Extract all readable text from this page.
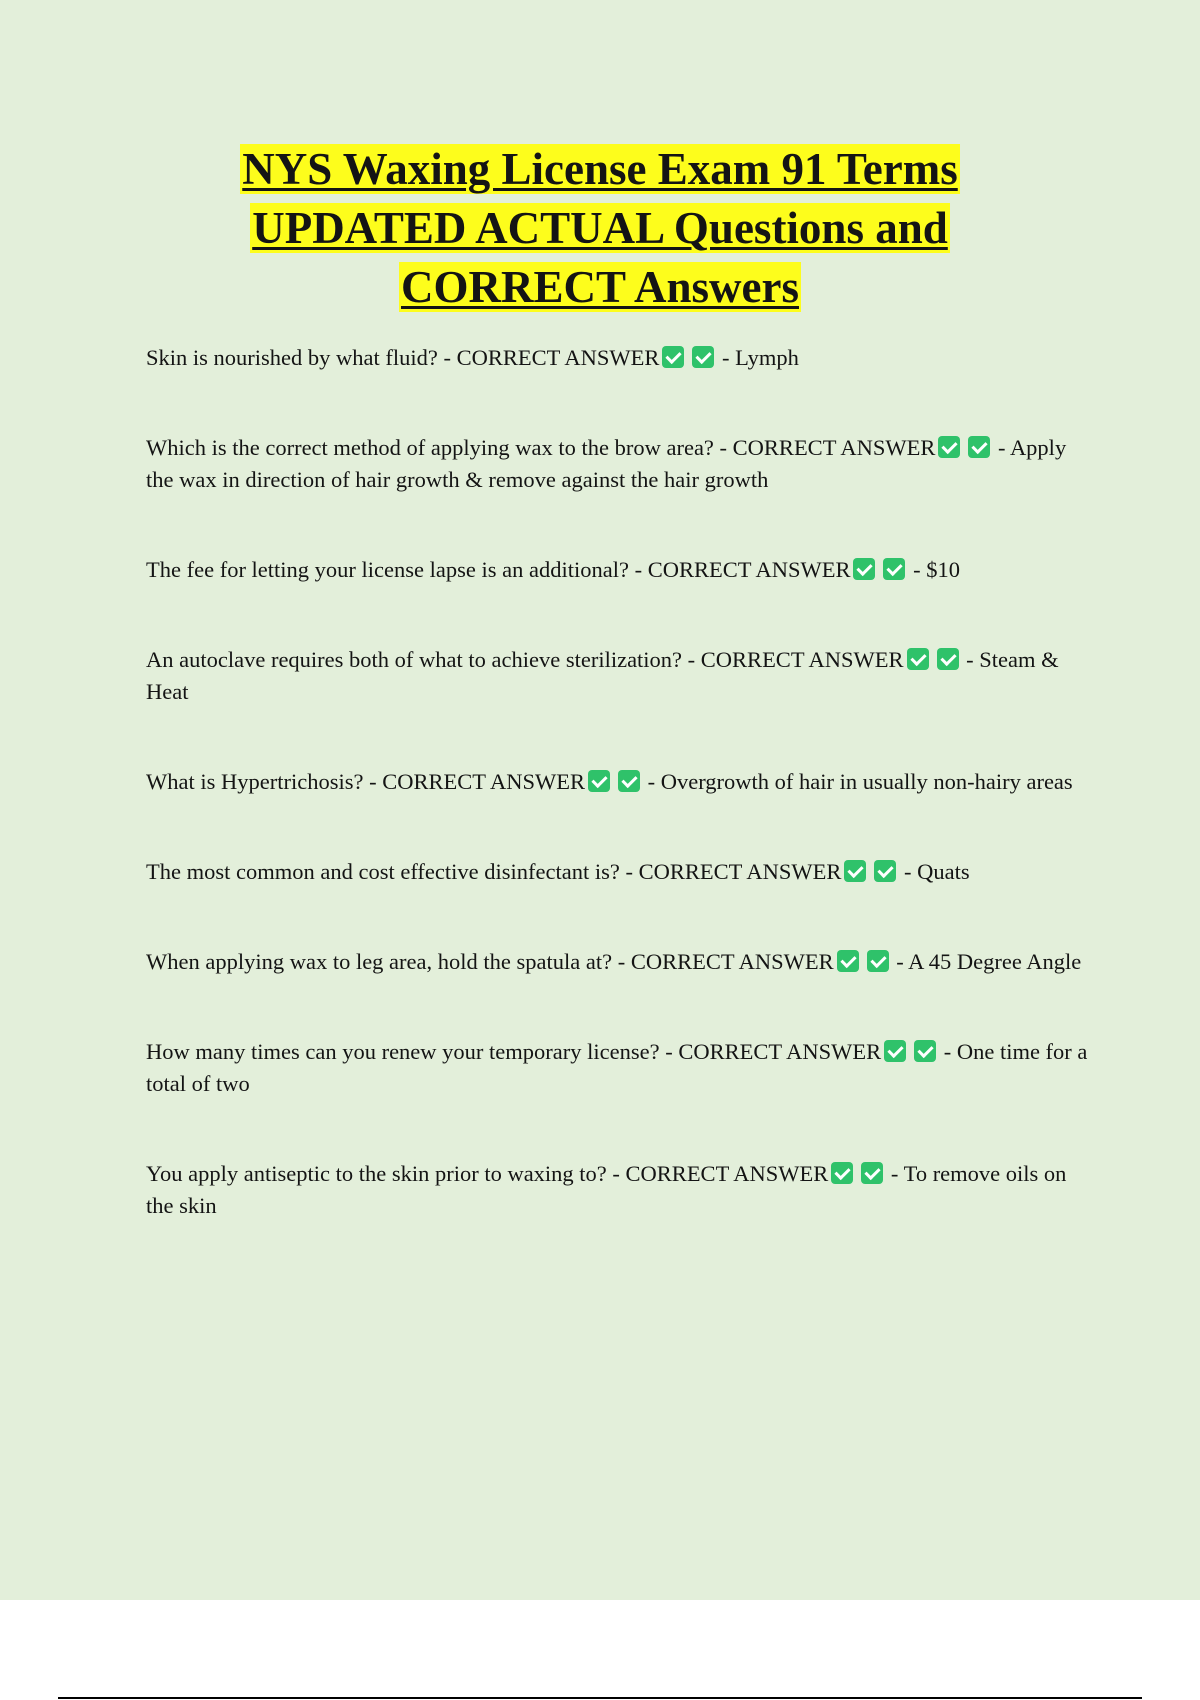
NYS Waxing License Exam 91 Terms
UPDATED ACTUAL Questions and
CORRECT Answers

Skin is nourished by what fluid? - CORRECT ANSWER	- Lymph

Which is the correct method of applying wax to the brow area? - CORRECT ANSWER	- Apply the wax in direction of hair growth & remove against the hair growth

The fee for letting your license lapse is an additional? - CORRECT ANSWER	- $10

An autoclave requires both of what to achieve sterilization? - CORRECT ANSWER	- Steam & Heat

What is Hypertrichosis? - CORRECT ANSWER	- Overgrowth of hair in usually non-hairy areas

The most common and cost effective disinfectant is? - CORRECT ANSWER	- Quats

When applying wax to leg area, hold the spatula at? - CORRECT ANSWER	- A 45 Degree Angle

How many times can you renew your temporary license? - CORRECT ANSWER	- One time for a total of two

You apply antiseptic to the skin prior to waxing to? - CORRECT ANSWER	- To remove oils on the skin
